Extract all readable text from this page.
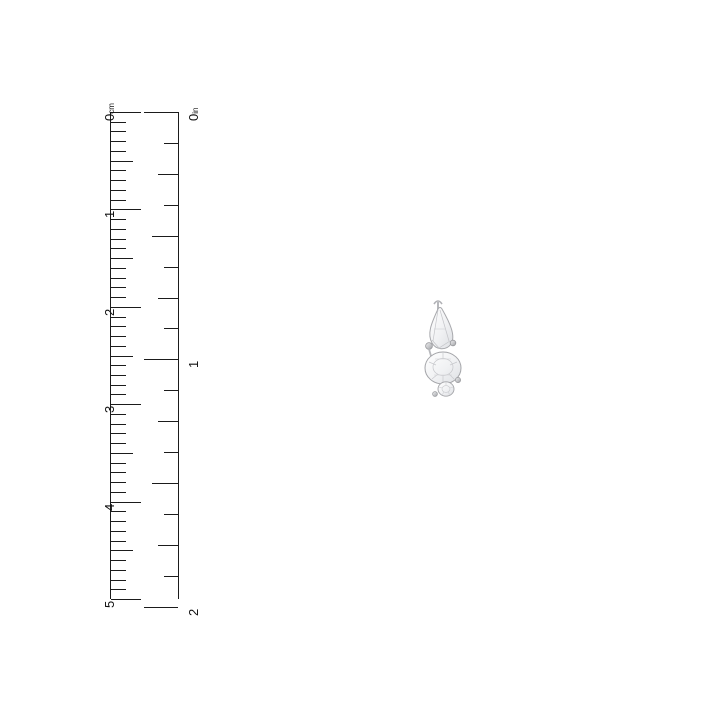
0cm
1
2
3
4
5
0in
1
2
